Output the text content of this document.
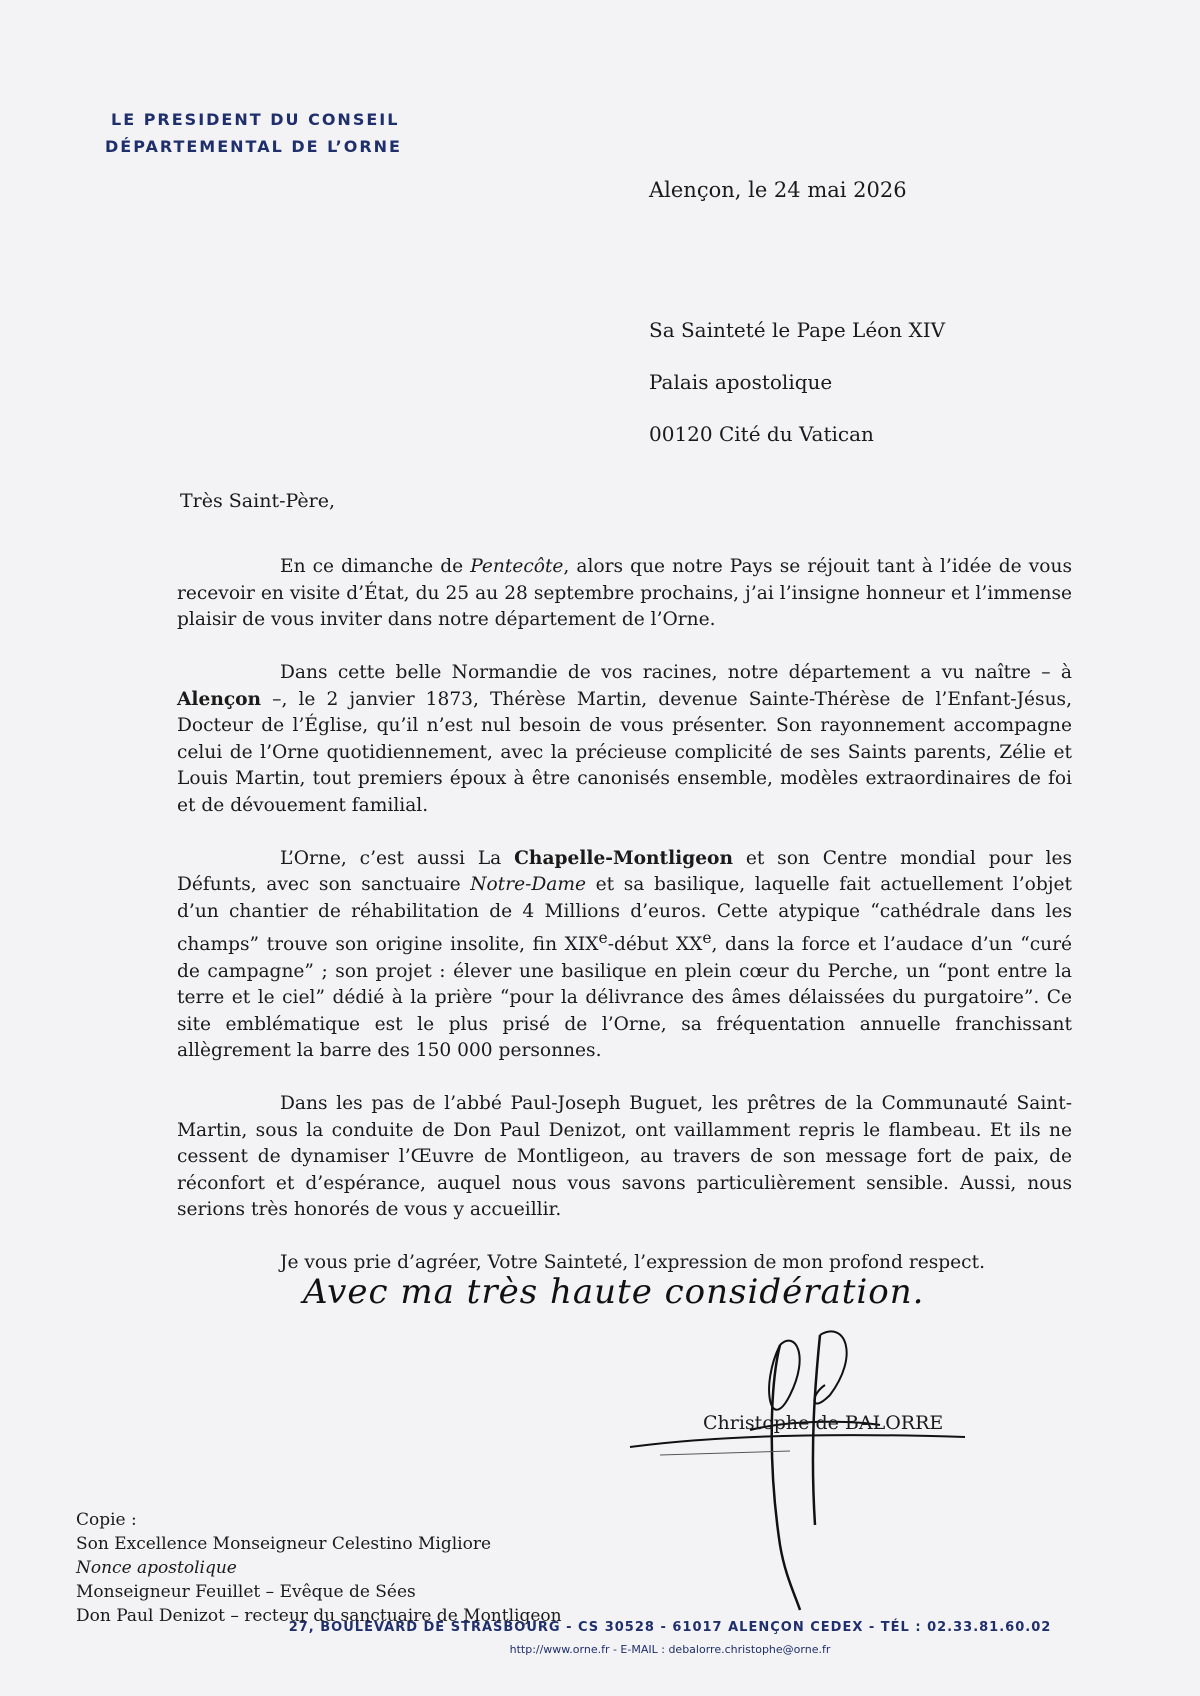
LE PRESIDENT DU CONSEIL
DÉPARTEMENTAL DE L’ORNE
Alençon, le 24 mai 2026
Sa Sainteté le Pape Léon XIV
Palais apostolique
00120 Cité du Vatican
Très Saint-Père,

En ce dimanche de Pentecôte, alors que notre Pays se réjouit tant à l’idée de vous recevoir en visite d’État, du 25 au 28 septembre prochains, j’ai l’insigne honneur et l’immense plaisir de vous inviter dans notre département de l’Orne.

Dans cette belle Normandie de vos racines, notre département a vu naître – à Alençon –, le 2 janvier 1873, Thérèse Martin, devenue Sainte-Thérèse de l’Enfant-Jésus, Docteur de l’Église, qu’il n’est nul besoin de vous présenter. Son rayonnement accompagne celui de l’Orne quotidiennement, avec la précieuse complicité de ses Saints parents, Zélie et Louis Martin, tout premiers époux à être canonisés ensemble, modèles extraordinaires de foi et de dévouement familial.

L’Orne, c’est aussi La Chapelle-Montligeon et son Centre mondial pour les Défunts, avec son sanctuaire Notre-Dame et sa basilique, laquelle fait actuellement l’objet d’un chantier de réhabilitation de 4 Millions d’euros. Cette atypique “cathédrale dans les champs” trouve son origine insolite, fin XIXe-début XXe, dans la force et l’audace d’un “curé de campagne” ; son projet : élever une basilique en plein cœur du Perche, un “pont entre la terre et le ciel” dédié à la prière “pour la délivrance des âmes délaissées du purgatoire”. Ce site emblématique est le plus prisé de l’Orne, sa fréquentation annuelle franchissant allègrement la barre des 150 000 personnes.

Dans les pas de l’abbé Paul-Joseph Buguet, les prêtres de la Communauté Saint-Martin, sous la conduite de Don Paul Denizot, ont vaillamment repris le flambeau. Et ils ne cessent de dynamiser l’Œuvre de Montligeon, au travers de son message fort de paix, de réconfort et d’espérance, auquel nous vous savons particulièrement sensible. Aussi, nous serions très honorés de vous y accueillir.

Je vous prie d’agréer, Votre Sainteté, l’expression de mon profond respect.

Avec ma très haute considération.
Christophe de BALORRE
Copie :
Son Excellence Monseigneur Celestino Migliore
Nonce apostolique
Monseigneur Feuillet – Evêque de Sées
Don Paul Denizot – recteur du sanctuaire de Montligeon
27, BOULEVARD DE STRASBOURG - CS 30528 - 61017 ALENÇON CEDEX - TÉL : 02.33.81.60.02
http://www.orne.fr - E-MAIL : debalorre.christophe@orne.fr
